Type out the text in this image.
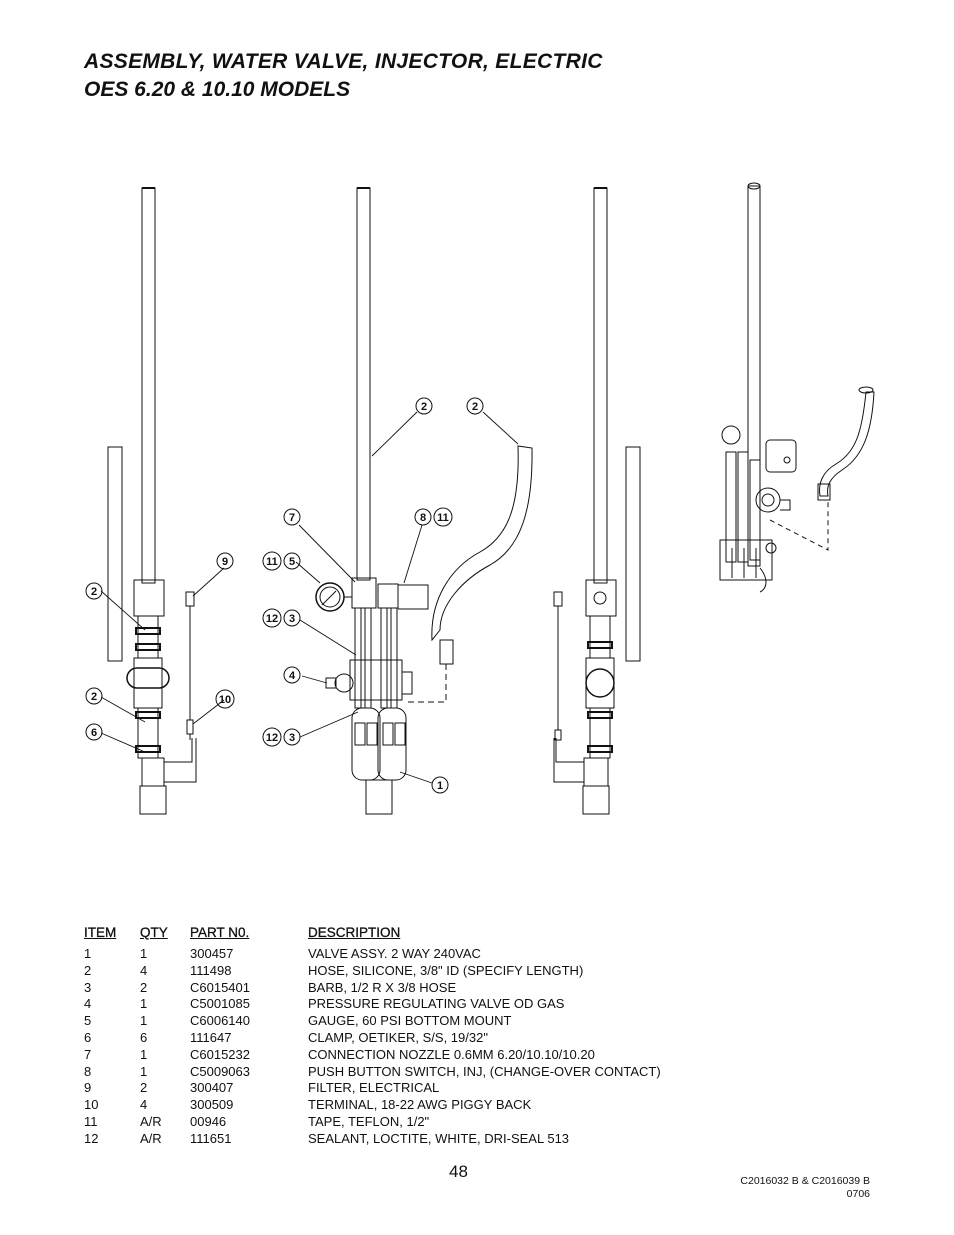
ASSEMBLY, WATER VALVE, INJECTOR, ELECTRIC
OES 6.20 & 10.10 MODELS
2
2
6
9
10
2	2
7	8 11
11 5
12 3
4
12 3
1
ITEM	QTY	PART N0.	DESCRIPTION
1	1	300457	VALVE ASSY. 2 WAY 240VAC
2	4	111498	HOSE, SILICONE, 3/8" ID (SPECIFY LENGTH)
3	2	C6015401	BARB, 1/2 R X 3/8 HOSE
4	1	C5001085	PRESSURE REGULATING VALVE OD GAS
5	1	C6006140	GAUGE, 60 PSI BOTTOM MOUNT
6	6	111647	CLAMP, OETIKER, S/S, 19/32"
7	1	C6015232	CONNECTION NOZZLE 0.6MM 6.20/10.10/10.20
8	1	C5009063	PUSH BUTTON SWITCH, INJ, (CHANGE-OVER CONTACT)
9	2	300407	FILTER, ELECTRICAL
10	4	300509	TERMINAL, 18-22 AWG PIGGY BACK
11	A/R	00946	TAPE, TEFLON, 1/2"
12	A/R	111651	SEALANT, LOCTITE, WHITE, DRI-SEAL 513
48	C2016032 B & C2016039 B
0706
